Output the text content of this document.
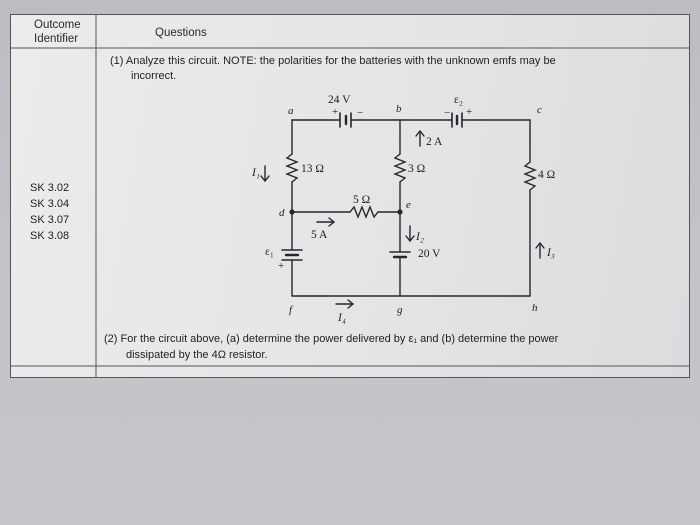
Outcome
Identifier	Questions
SK 3.02
SK 3.04
SK 3.07
SK 3.08
(1) Analyze this circuit. NOTE: the polarities for the batteries with the unknown emfs may be
incorrect.
(2) For the circuit above, (a) determine the power delivered by ε₁ and (b) determine the power
dissipated by the 4Ω resistor.
24 V	ε₂
ε₁	20 V
13 Ω	3 Ω	4 Ω
5 Ω
2 A
5 A
I₁
I₂
I₃
I₄
+ −	− +
+
a	b	c
d
e
f	g	h
